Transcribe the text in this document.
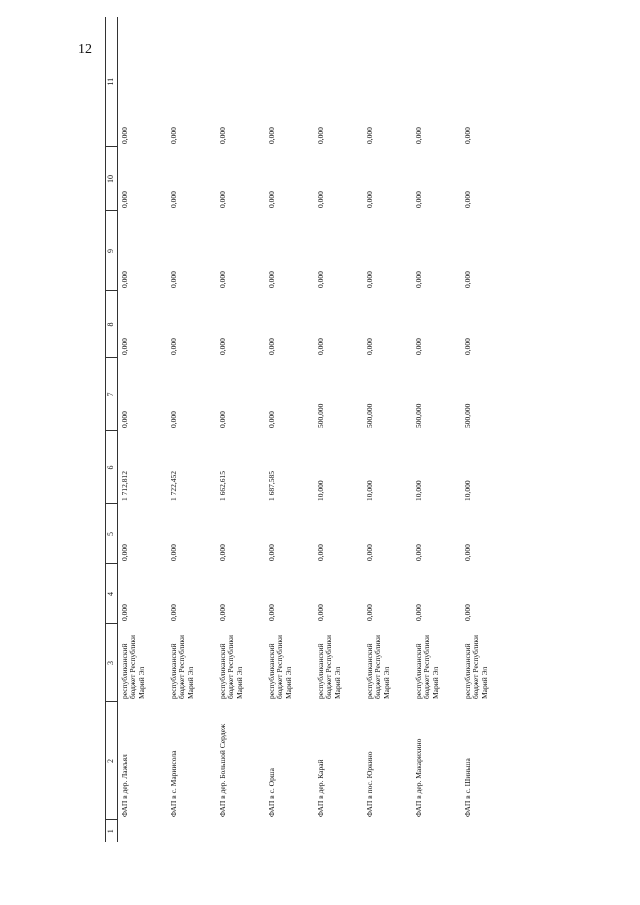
12
1	2	3	4	5	6	7	8	9	10	11
	ФАП в дер. Лажъял	республиканский бюджет Республики Марий Эл	0,000	0,000	1 712,812	0,000	0,000	0,000	0,000	0,000
	ФАП в с. Мариисола	республиканский бюджет Республики Марий Эл	0,000	0,000	1 722,452	0,000	0,000	0,000	0,000	0,000
	ФАП в дер. Большой Сердеж	республиканский бюджет Республики Марий Эл	0,000	0,000	1 662,615	0,000	0,000	0,000	0,000	0,000
	ФАП в с. Орша	республиканский бюджет Республики Марий Эл	0,000	0,000	1 687,585	0,000	0,000	0,000	0,000	0,000
	ФАП в дер. Карай	республиканский бюджет Республики Марий Эл	0,000	0,000	10,000	500,000	0,000	0,000	0,000	0,000
	ФАП в пос. Юркино	республиканский бюджет Республики Марий Эл	0,000	0,000	10,000	500,000	0,000	0,000	0,000	0,000
	ФАП в дер. Макарихино	республиканский бюджет Республики Марий Эл	0,000	0,000	10,000	500,000	0,000	0,000	0,000	0,000
	ФАП в с. Шиньша	республиканский бюджет Республики Марий Эл	0,000	0,000	10,000	500,000	0,000	0,000	0,000	0,000
